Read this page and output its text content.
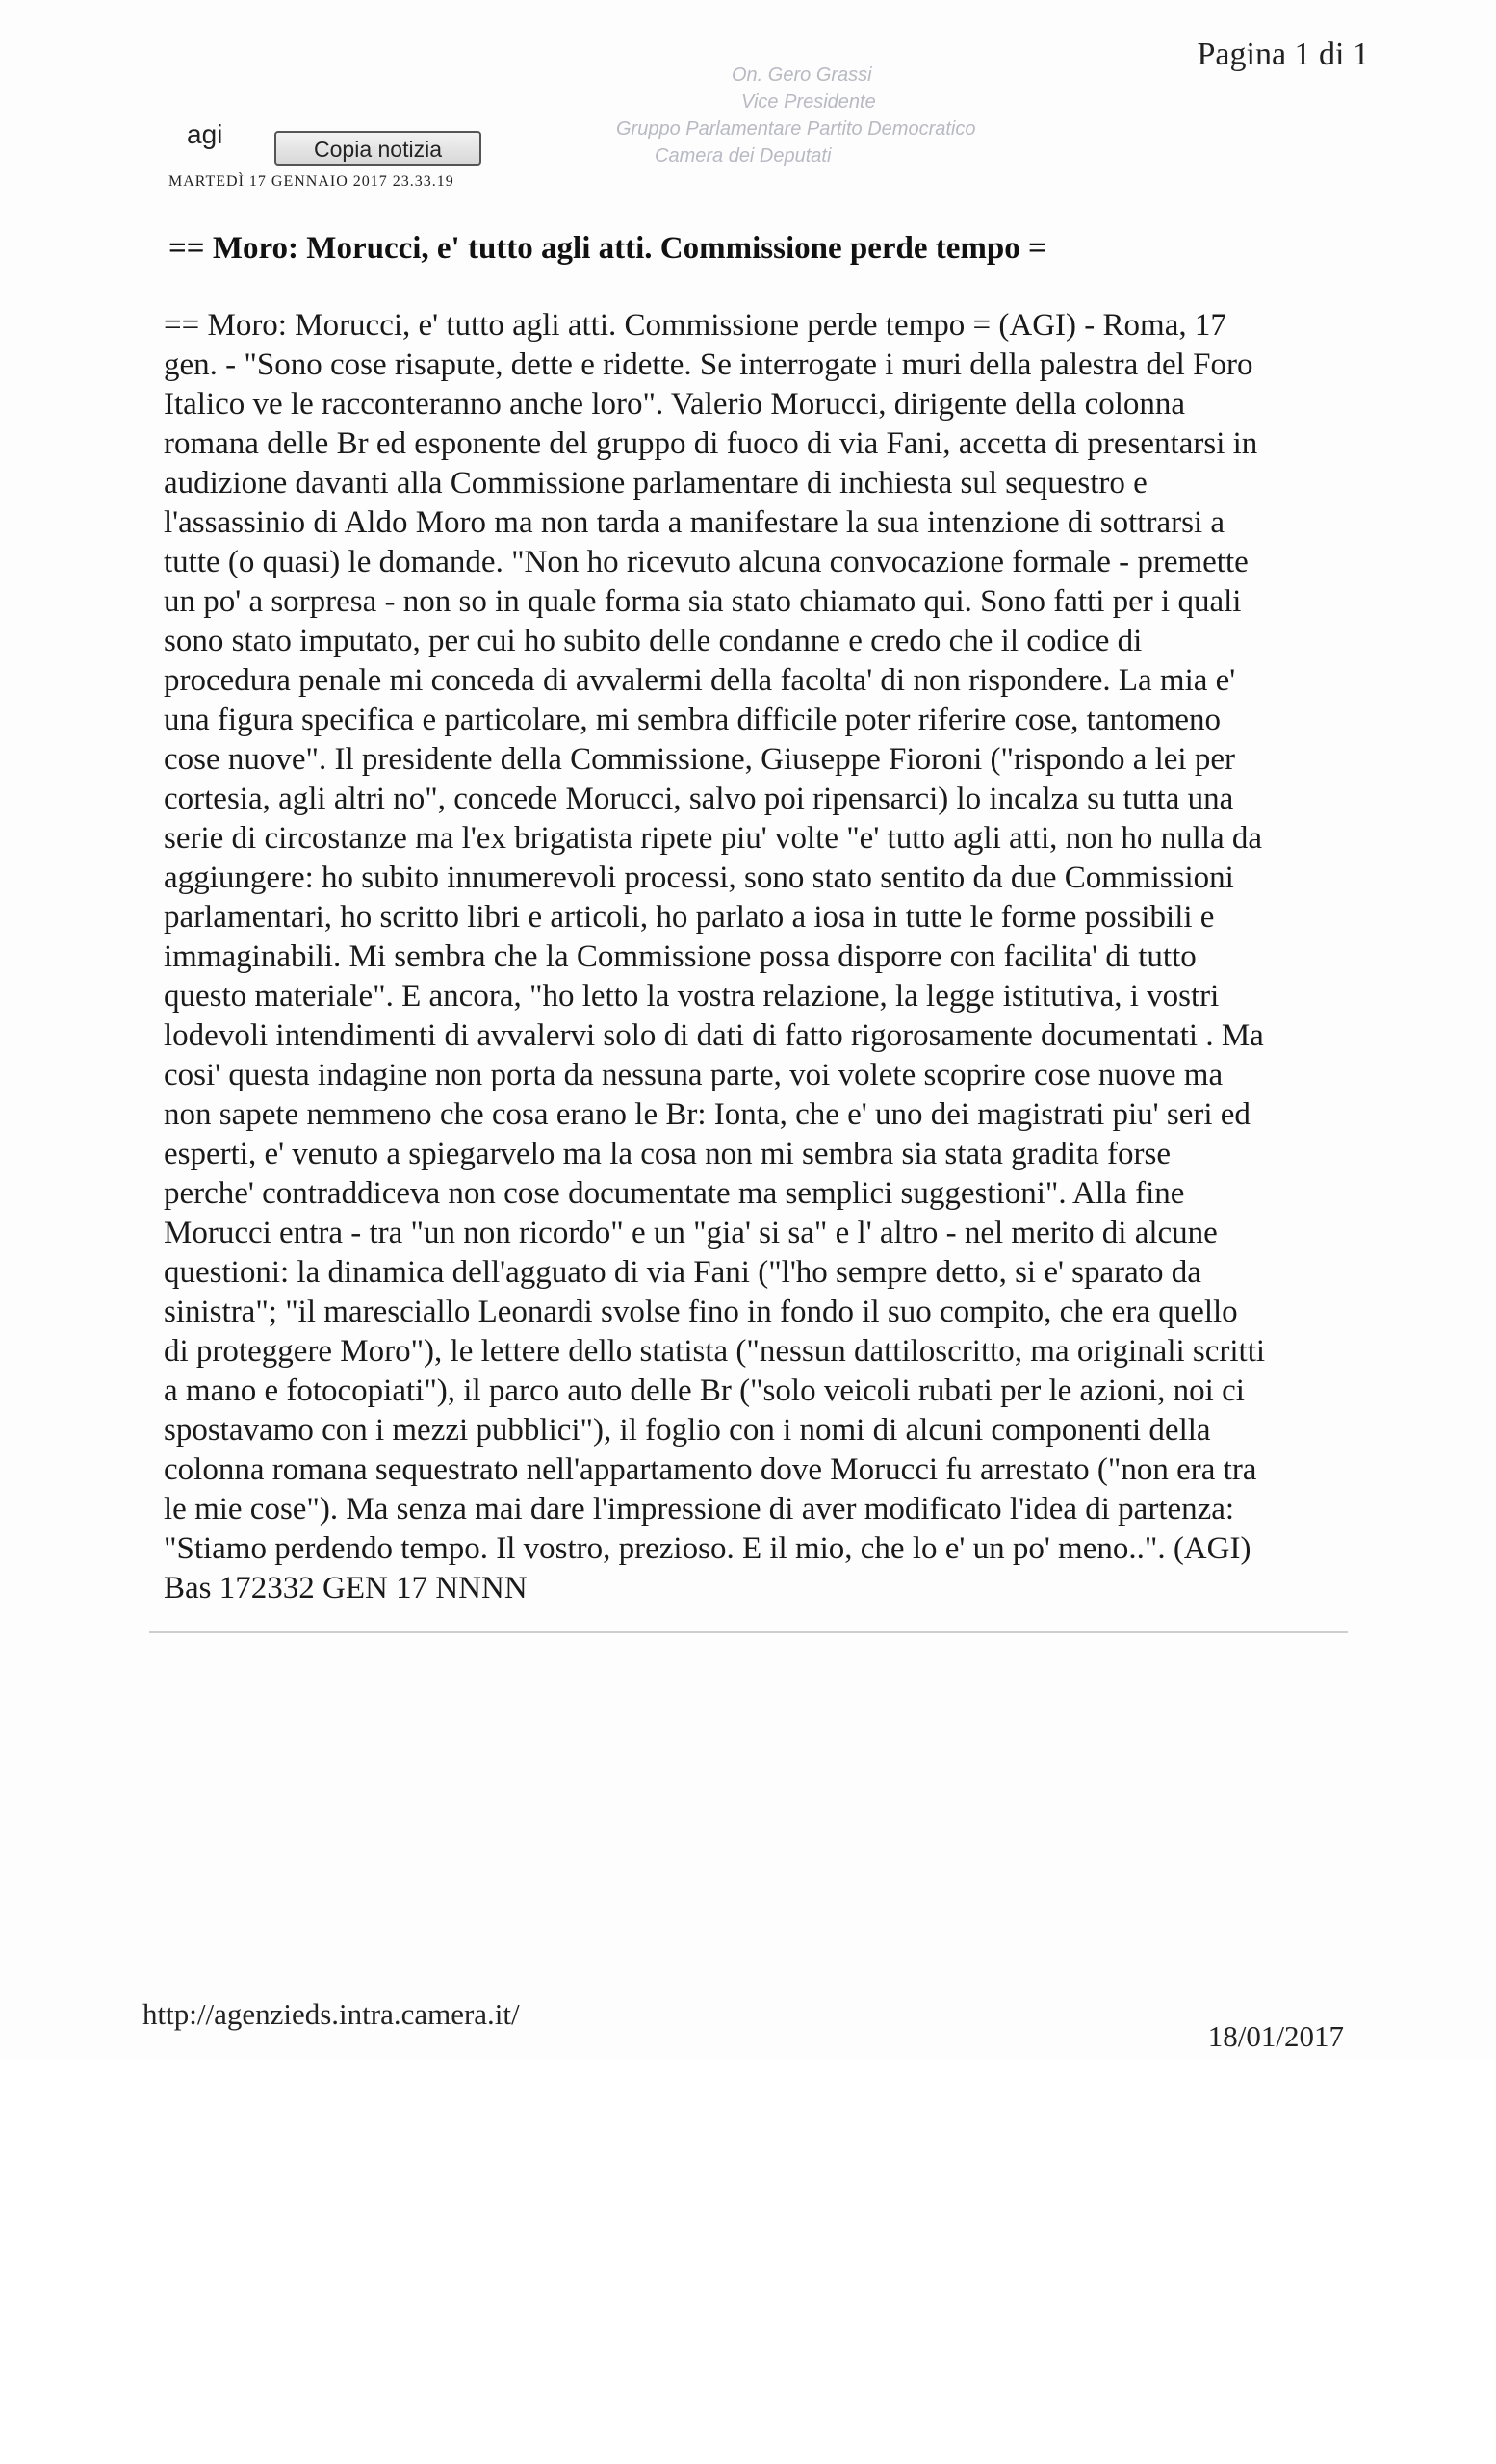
Pagina 1 di 1
On. Gero Grassi
Vice Presidente
Gruppo Parlamentare Partito Democratico
Camera dei Deputati
agi	Copia notizia
MARTEDÌ 17 GENNAIO 2017 23.33.19
== Moro: Morucci, e' tutto agli atti. Commissione perde tempo =
== Moro: Morucci, e' tutto agli atti. Commissione perde tempo = (AGI) - Roma, 17
gen. - "Sono cose risapute, dette e ridette. Se interrogate i muri della palestra del Foro
Italico ve le racconteranno anche loro". Valerio Morucci, dirigente della colonna
romana delle Br ed esponente del gruppo di fuoco di via Fani, accetta di presentarsi in
audizione davanti alla Commissione parlamentare di inchiesta sul sequestro e
l'assassinio di Aldo Moro ma non tarda a manifestare la sua intenzione di sottrarsi a
tutte (o quasi) le domande. "Non ho ricevuto alcuna convocazione formale - premette
un po' a sorpresa - non so in quale forma sia stato chiamato qui. Sono fatti per i quali
sono stato imputato, per cui ho subito delle condanne e credo che il codice di
procedura penale mi conceda di avvalermi della facolta' di non rispondere. La mia e'
una figura specifica e particolare, mi sembra difficile poter riferire cose, tantomeno
cose nuove". Il presidente della Commissione, Giuseppe Fioroni ("rispondo a lei per
cortesia, agli altri no", concede Morucci, salvo poi ripensarci) lo incalza su tutta una
serie di circostanze ma l'ex brigatista ripete piu' volte "e' tutto agli atti, non ho nulla da
aggiungere: ho subito innumerevoli processi, sono stato sentito da due Commissioni
parlamentari, ho scritto libri e articoli, ho parlato a iosa in tutte le forme possibili e
immaginabili. Mi sembra che la Commissione possa disporre con facilita' di tutto
questo materiale". E ancora, "ho letto la vostra relazione, la legge istitutiva, i vostri
lodevoli intendimenti di avvalervi solo di dati di fatto rigorosamente documentati . Ma
cosi' questa indagine non porta da nessuna parte, voi volete scoprire cose nuove ma
non sapete nemmeno che cosa erano le Br: Ionta, che e' uno dei magistrati piu' seri ed
esperti, e' venuto a spiegarvelo ma la cosa non mi sembra sia stata gradita forse
perche' contraddiceva non cose documentate ma semplici suggestioni". Alla fine
Morucci entra - tra "un non ricordo" e un "gia' si sa" e l' altro - nel merito di alcune
questioni: la dinamica dell'agguato di via Fani ("l'ho sempre detto, si e' sparato da
sinistra"; "il maresciallo Leonardi svolse fino in fondo il suo compito, che era quello
di proteggere Moro"), le lettere dello statista ("nessun dattiloscritto, ma originali scritti
a mano e fotocopiati"), il parco auto delle Br ("solo veicoli rubati per le azioni, noi ci
spostavamo con i mezzi pubblici"), il foglio con i nomi di alcuni componenti della
colonna romana sequestrato nell'appartamento dove Morucci fu arrestato ("non era tra
le mie cose"). Ma senza mai dare l'impressione di aver modificato l'idea di partenza:
"Stiamo perdendo tempo. Il vostro, prezioso. E il mio, che lo e' un po' meno..". (AGI)
Bas 172332 GEN 17 NNNN
http://agenzieds.intra.camera.it/
18/01/2017
